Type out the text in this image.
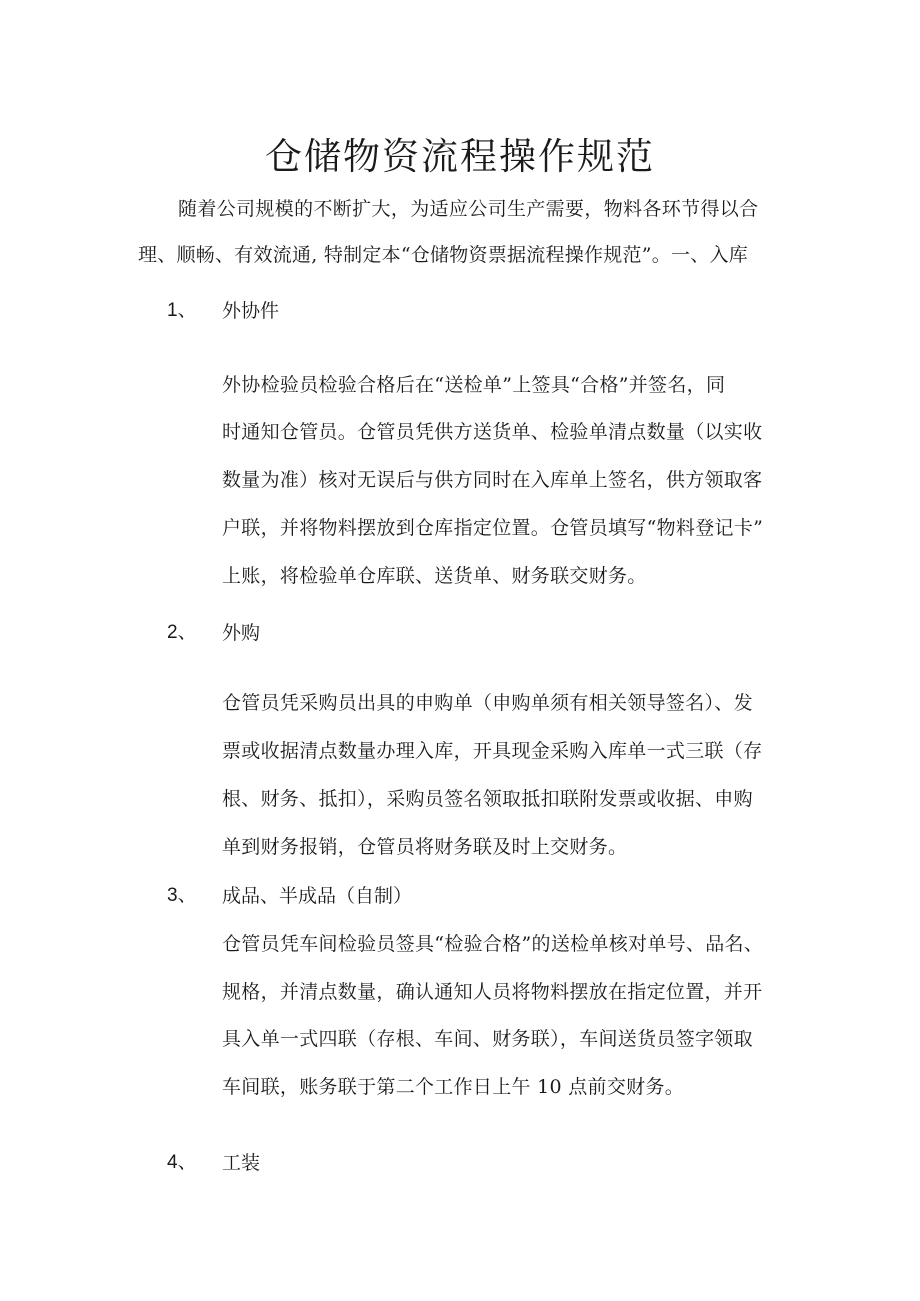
仓储物资流程操作规范

随着公司规模的不断扩大，为适应公司生产需要，物料各环节得以合

理、顺畅、有效流通, 特制定本“仓储物资票据流程操作规范”。一、入库

1、 外协件
外协检验员检验合格后在“送检单”上签具“合格”并签名，同
时通知仓管员。仓管员凭供方送货单、检验单清点数量（以实收
数量为准）核对无误后与供方同时在入库单上签名，供方领取客
户联，并将物料摆放到仓库指定位置。仓管员填写“物料登记卡”
上账，将检验单仓库联、送货单、财务联交财务。
2、 外购
仓管员凭采购员出具的申购单（申购单须有相关领导签名）、发
票或收据清点数量办理入库，开具现金采购入库单一式三联（存
根、财务、抵扣），采购员签名领取抵扣联附发票或收据、申购
单到财务报销，仓管员将财务联及时上交财务。
3、 成品、半成品（自制）
仓管员凭车间检验员签具“检验合格”的送检单核对单号、品名、
规格，并清点数量，确认通知人员将物料摆放在指定位置，并开
具入单一式四联（存根、车间、财务联），车间送货员签字领取
车间联，账务联于第二个工作日上午 10 点前交财务。
4、 工装
